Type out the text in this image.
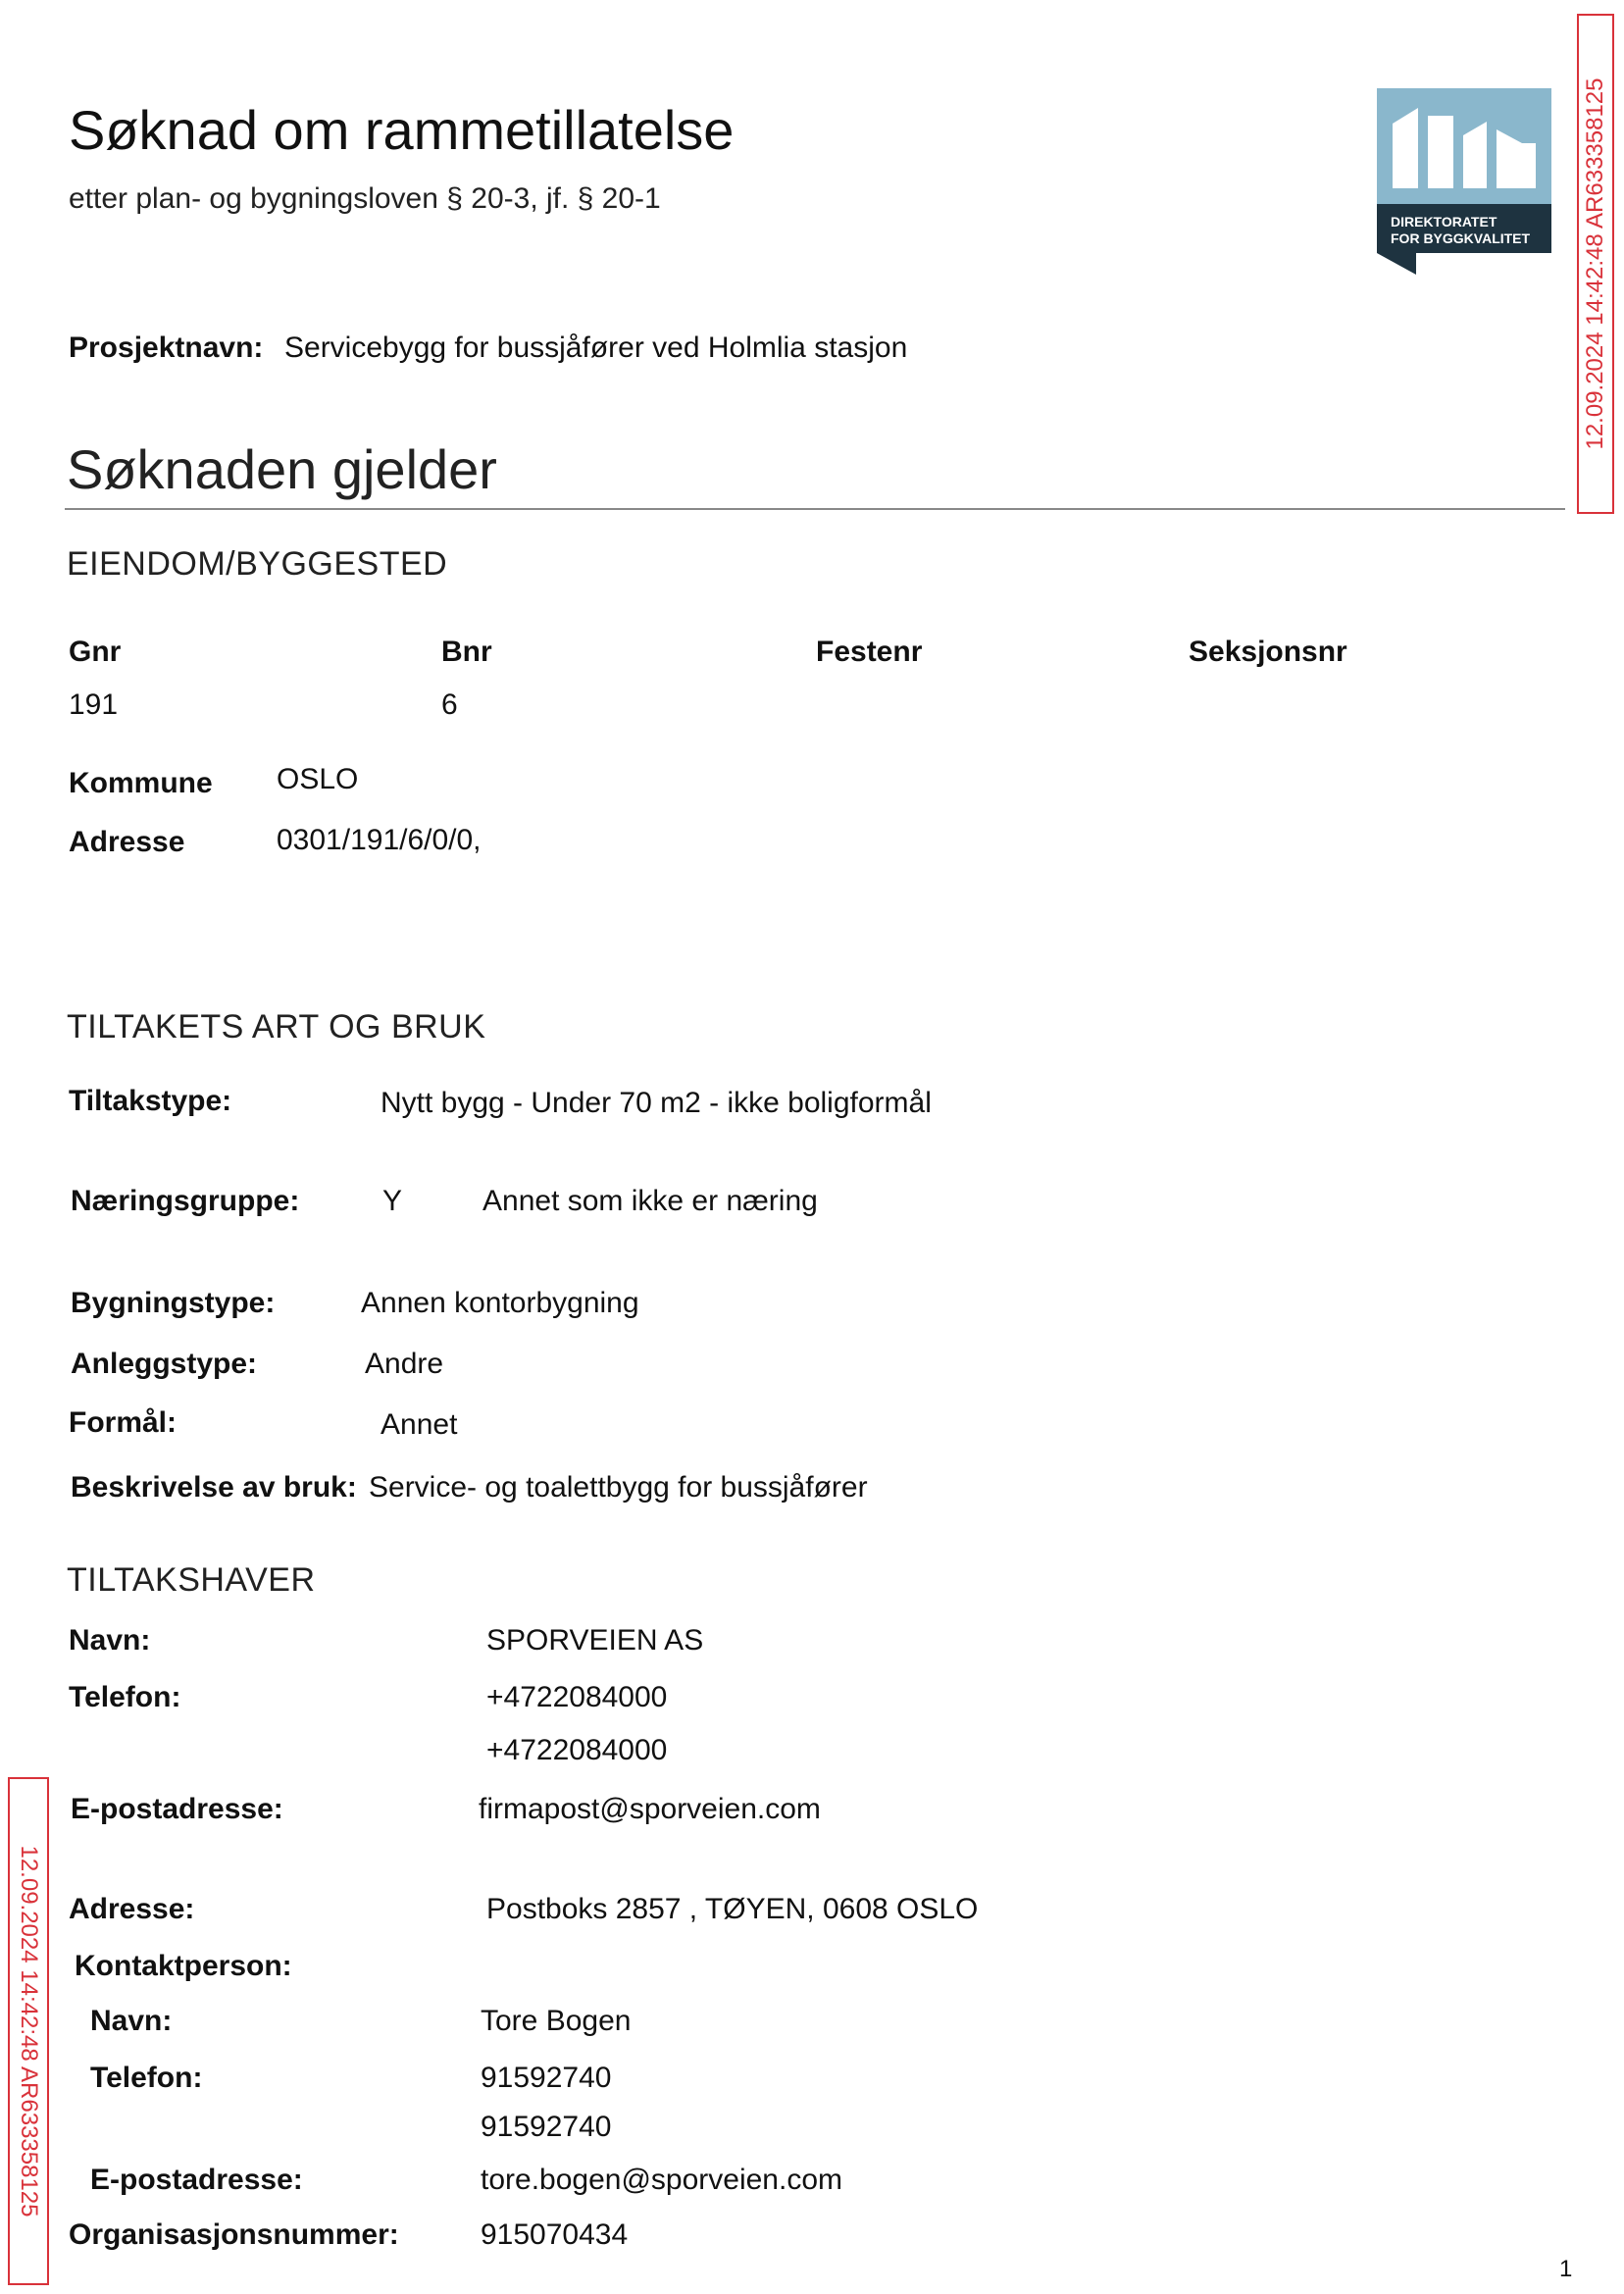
Søknad om rammetillatelse
etter plan- og bygningsloven § 20-3, jf. § 20-1
DIREKTORATET
FOR BYGGKVALITET 12.09.2024 14:42:48 AR633358125
Prosjektnavn: Servicebygg for bussjåfører ved Holmlia stasjon
Søknaden gjelder
EIENDOM/BYGGESTED
Gnr	Bnr	Festenr	Seksjonsnr
191	6
Kommune OSLO
Adresse	0301/191/6/0/0,
TILTAKETS ART OG BRUK
Tiltakstype:	Nytt bygg - Under 70 m2 - ikke boligformål
Næringsgruppe:	Y	Annet som ikke er næring
Bygningstype:	Annen kontorbygning
Anleggstype:	Andre
Formål:	Annet
Beskrivelse av bruk: Service- og toalettbygg for bussjåfører
TILTAKSHAVER
Navn:	SPORVEIEN AS
Telefon:	+4722084000
+4722084000
E-postadresse:	firmapost@sporveien.com
Adresse:	Postboks 2857 , TØYEN, 0608 OSLO
Kontaktperson:
Navn:	Tore Bogen
Telefon:	91592740
91592740
E-postadresse:	tore.bogen@sporveien.com
Organisasjonsnummer:	915070434
12.09.2024 14:42:48 AR633358125
1
